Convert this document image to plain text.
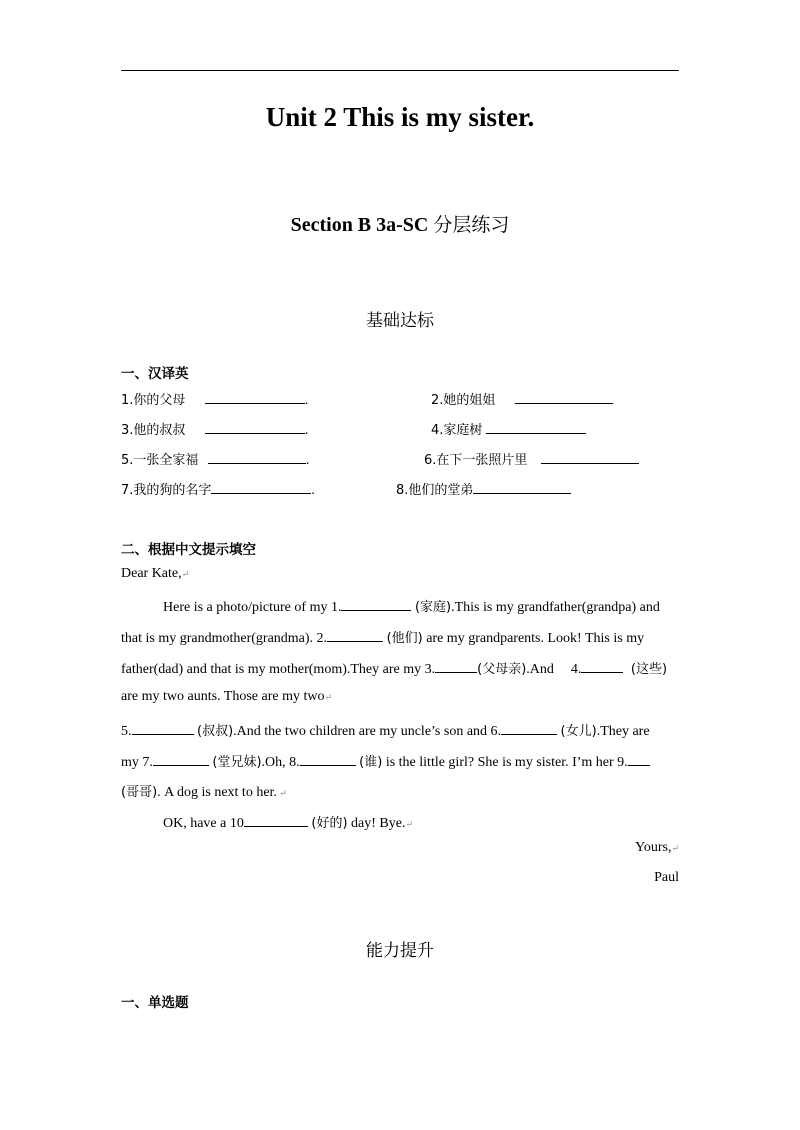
Unit 2 This is my sister.
Section B 3a-SC 分层练习
基础达标
一、汉译英
1.你的父母	.	2.她的姐姐
3.他的叔叔	.	4.家庭树
5.一张全家福	.	6.在下一张照片里
7.我的狗的名字	.	8.他们的堂弟
二、根据中文提示填空
Dear Kate,↵
Here is a photo/picture of my 1.	(家庭).This is my grandfather(grandpa) and
that is my grandmother(grandma). 2.	(他们) are my grandparents. Look! This is my
father(dad) and that is my mother(mom).They are my 3.	(父母亲).And 4.	(这些)
are my two aunts. Those are my two↵
5.	(叔叔).And the two children are my uncle’s son and 6.	(女儿).They are
my 7.	(堂兄妹).Oh, 8.	(谁) is the little girl? She is my sister. I’m her 9.
(哥哥). A dog is next to her. ↵
OK, have a 10	(好的) day! Bye.↵
Yours,↵
Paul
能力提升
一、单选题
